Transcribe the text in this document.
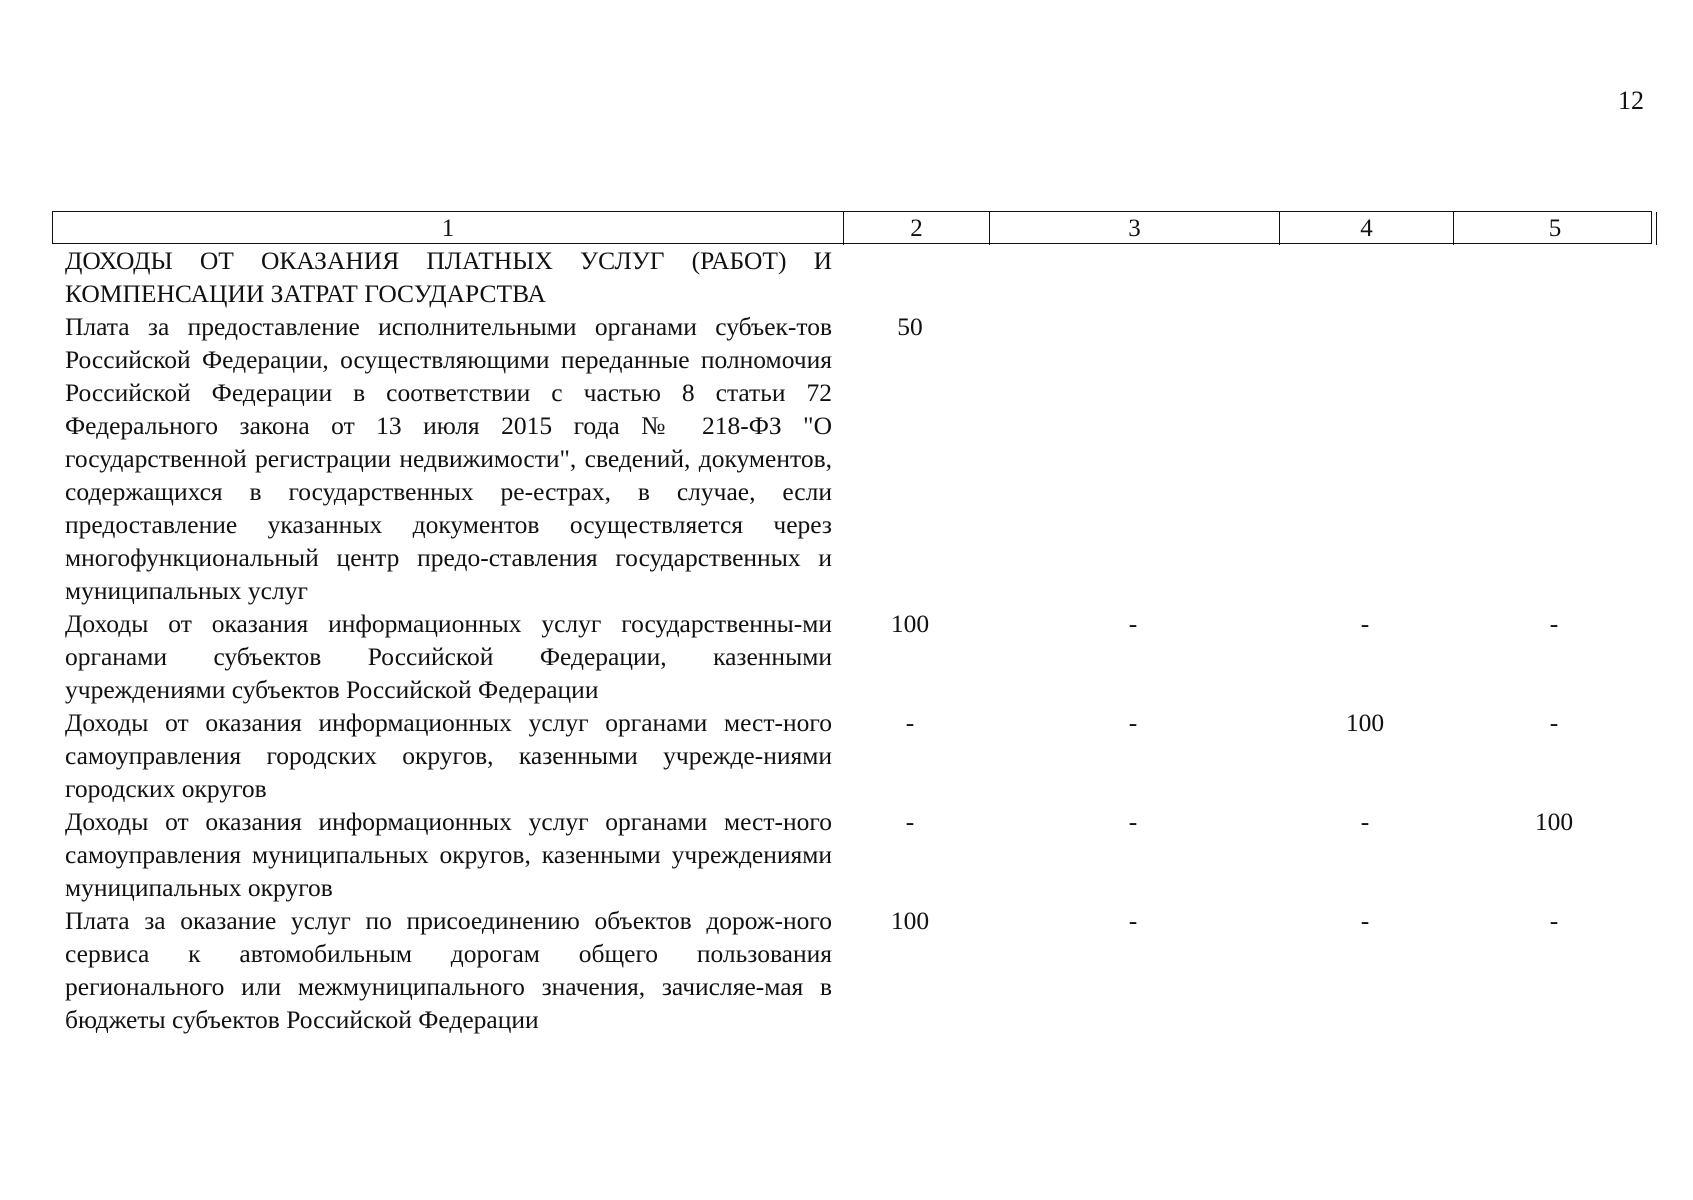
12
1	2	3	4	5
ДОХОДЫ ОТ ОКАЗАНИЯ ПЛАТНЫХ УСЛУГ (РАБОТ) И КОМПЕНСАЦИИ ЗАТРАТ ГОСУДАРСТВА
Плата за предоставление исполнительными органами субъек-тов Российской Федерации, осуществляющими переданные полномочия Российской Федерации в соответствии с частью 8 статьи 72 Федерального закона от 13 июля 2015 года № 218-ФЗ "О государственной регистрации недвижимости", сведений, документов, содержащихся в государственных ре-естрах, в случае, если предоставление указанных документов осуществляется через многофункциональный центр предо-ставления государственных и муниципальных услуг
50
Доходы от оказания информационных услуг государственны-ми органами субъектов Российской Федерации, казенными учреждениями субъектов Российской Федерации
100	-	-	-
Доходы от оказания информационных услуг органами мест-ного самоуправления городских округов, казенными учрежде-ниями городских округов
-	-	100	-
Доходы от оказания информационных услуг органами мест-ного самоуправления муниципальных округов, казенными учреждениями муниципальных округов
-	-	-	100
Плата за оказание услуг по присоединению объектов дорож-ного сервиса к автомобильным дорогам общего пользования регионального или межмуниципального значения, зачисляе-мая в бюджеты субъектов Российской Федерации
100	-	-	-
